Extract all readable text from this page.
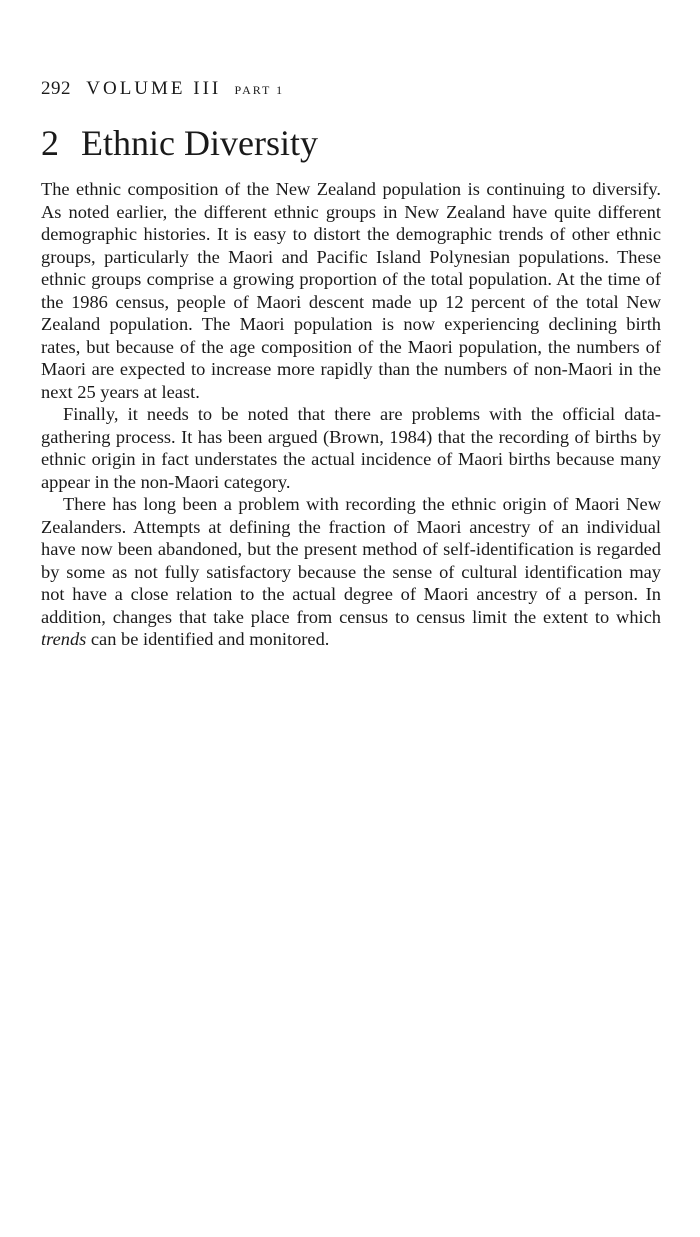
292 VOLUME III PART 1
2 Ethnic Diversity

The ethnic composition of the New Zealand population is continuing to diversify. As noted earlier, the different ethnic groups in New Zealand have quite different demographic histories. It is easy to distort the demographic trends of other ethnic groups, particularly the Maori and Pacific Island Polynesian populations. These ethnic groups comprise a growing proportion of the total population. At the time of the 1986 census, people of Maori descent made up 12 percent of the total New Zealand population. The Maori population is now experiencing declining birth rates, but because of the age composition of the Maori population, the numbers of Maori are expected to increase more rapidly than the numbers of non-Maori in the next 25 years at least.

Finally, it needs to be noted that there are problems with the official data-gathering process. It has been argued (Brown, 1984) that the recording of births by ethnic origin in fact understates the actual incidence of Maori births because many appear in the non-Maori category.

There has long been a problem with recording the ethnic origin of Maori New Zealanders. Attempts at defining the fraction of Maori ancestry of an individual have now been abandoned, but the present method of self-identification is regarded by some as not fully satisfactory because the sense of cultural identification may not have a close relation to the actual degree of Maori ancestry of a person. In addition, changes that take place from census to census limit the extent to which trends can be identified and monitored.
